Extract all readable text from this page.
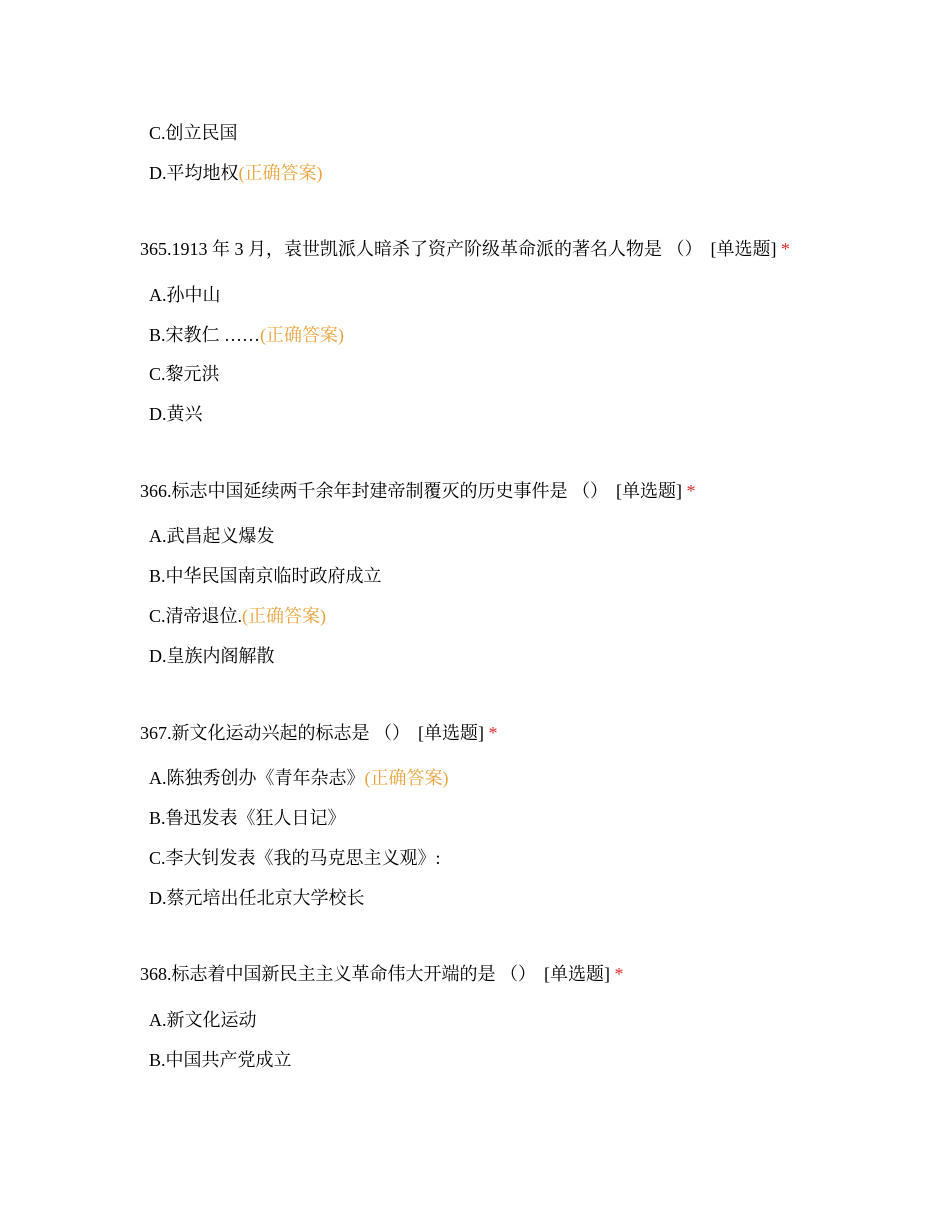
C.创立民国
D.平均地权(正确答案)
365.1913 年 3 月，袁世凯派人暗杀了资产阶级革命派的著名人物是 （） [单选题] *
A.孙中山
B.宋教仁 ……(正确答案)
C.黎元洪
D.黄兴
366.标志中国延续两千余年封建帝制覆灭的历史事件是 （） [单选题] *
A.武昌起义爆发
B.中华民国南京临时政府成立
C.清帝退位.(正确答案)
D.皇族内阁解散
367.新文化运动兴起的标志是 （） [单选题] *
A.陈独秀创办《青年杂志》(正确答案)
B.鲁迅发表《狂人日记》
C.李大钊发表《我的马克思主义观》:
D.蔡元培出任北京大学校长
368.标志着中国新民主主义革命伟大开端的是 （） [单选题] *
A.新文化运动
B.中国共产党成立
